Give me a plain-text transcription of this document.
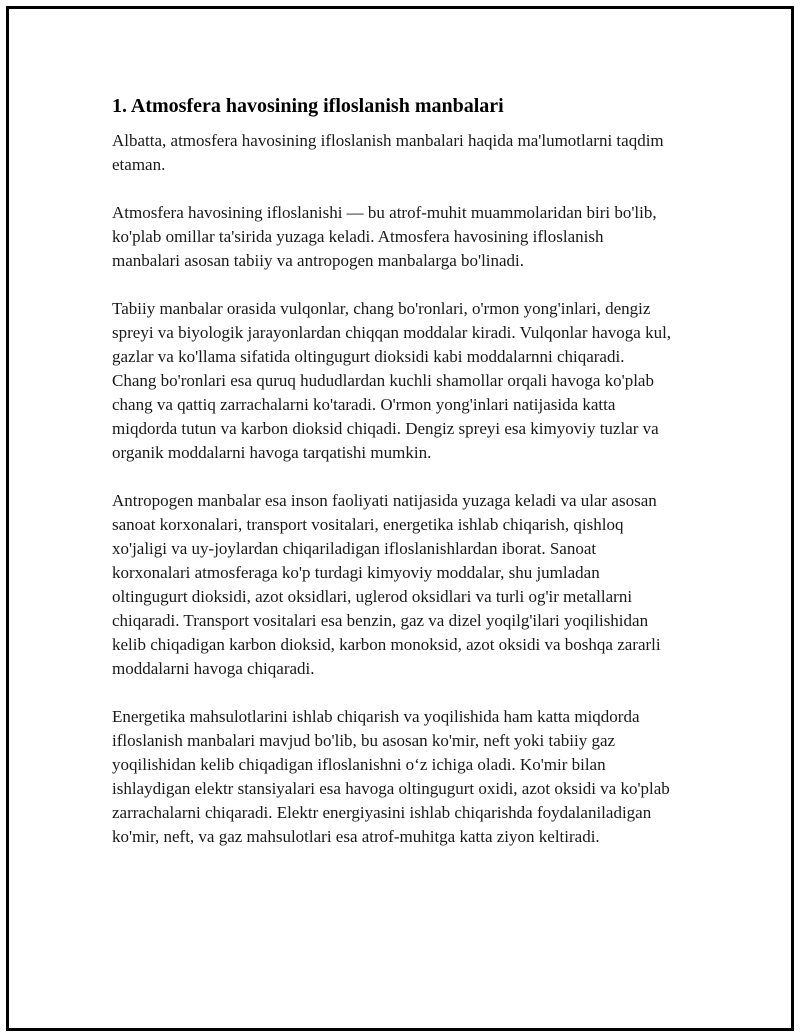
1. Atmosfera havosining ifloslanish manbalari

Albatta, atmosfera havosining ifloslanish manbalari haqida ma'lumotlarni taqdim etaman.

Atmosfera havosining ifloslanishi — bu atrof-muhit muammolaridan biri bo'lib, ko'plab omillar ta'sirida yuzaga keladi. Atmosfera havosining ifloslanish manbalari asosan tabiiy va antropogen manbalarga bo'linadi.

Tabiiy manbalar orasida vulqonlar, chang bo'ronlari, o'rmon yong'inlari, dengiz spreyi va biyologik jarayonlardan chiqqan moddalar kiradi. Vulqonlar havoga kul, gazlar va ko'llama sifatida oltingugurt dioksidi kabi moddalarnni chiqaradi. Chang bo'ronlari esa quruq hududlardan kuchli shamollar orqali havoga ko'plab chang va qattiq zarrachalarni ko'taradi. O'rmon yong'inlari natijasida katta miqdorda tutun va karbon dioksid chiqadi. Dengiz spreyi esa kimyoviy tuzlar va organik moddalarni havoga tarqatishi mumkin.

Antropogen manbalar esa inson faoliyati natijasida yuzaga keladi va ular asosan sanoat korxonalari, transport vositalari, energetika ishlab chiqarish, qishloq xo'jaligi va uy-joylardan chiqariladigan ifloslanishlardan iborat. Sanoat korxonalari atmosferaga ko'p turdagi kimyoviy moddalar, shu jumladan oltingugurt dioksidi, azot oksidlari, uglerod oksidlari va turli og'ir metallarni chiqaradi. Transport vositalari esa benzin, gaz va dizel yoqilg'ilari yoqilishidan kelib chiqadigan karbon dioksid, karbon monoksid, azot oksidi va boshqa zararli moddalarni havoga chiqaradi.

Energetika mahsulotlarini ishlab chiqarish va yoqilishida ham katta miqdorda ifloslanish manbalari mavjud bo'lib, bu asosan ko'mir, neft yoki tabiiy gaz yoqilishidan kelib chiqadigan ifloslanishni o‘z ichiga oladi. Ko'mir bilan ishlaydigan elektr stansiyalari esa havoga oltingugurt oxidi, azot oksidi va ko'plab zarrachalarni chiqaradi. Elektr energiyasini ishlab chiqarishda foydalaniladigan ko'mir, neft, va gaz mahsulotlari esa atrof-muhitga katta ziyon keltiradi.
